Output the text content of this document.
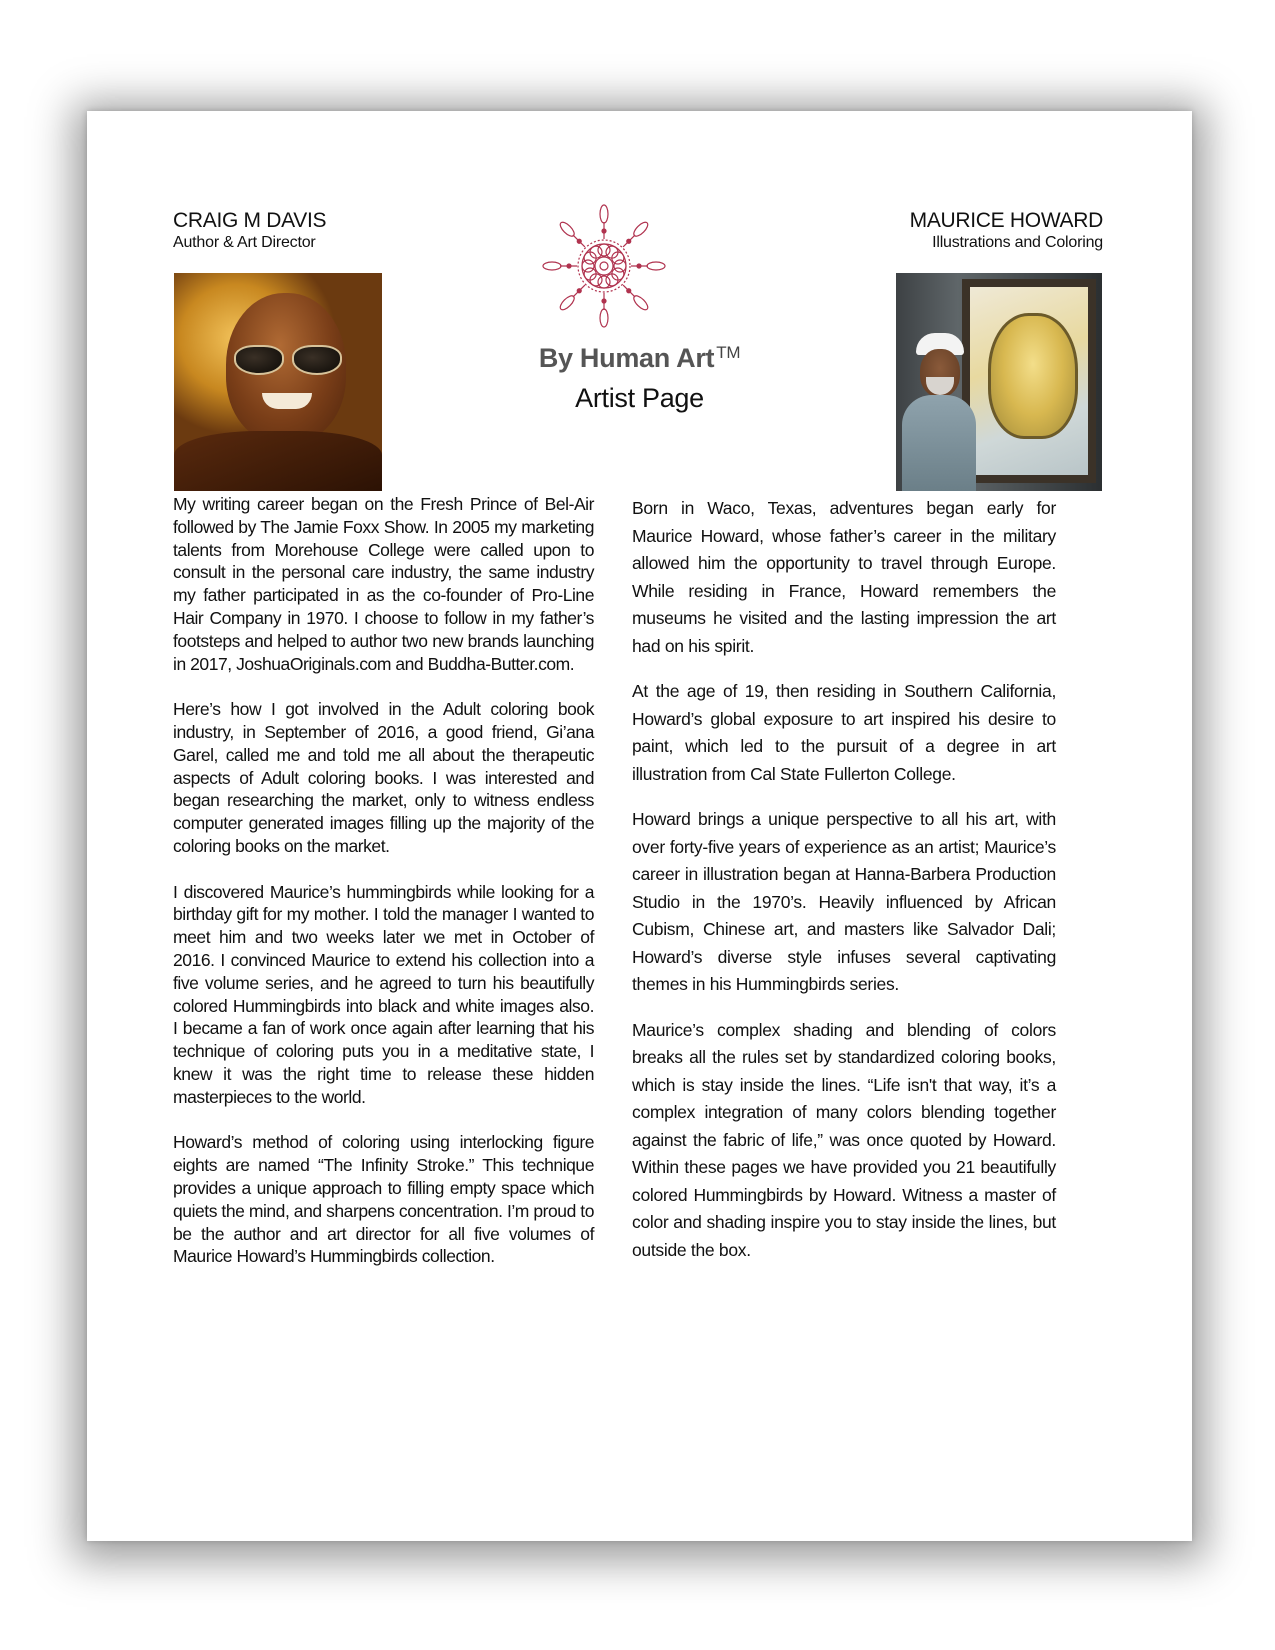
CRAIG M DAVIS
Author & Art Director
MAURICE HOWARD
Illustrations and Coloring
By Human Art ™
Artist Page

My writing career began on the Fresh Prince of Bel-Air followed by The Jamie Foxx Show. In 2005 my marketing talents from Morehouse College were called upon to consult in the personal care industry, the same industry my father participated in as the co-founder of Pro-Line Hair Company in 1970. I choose to follow in my father’s footsteps and helped to author two new brands launching in 2017, JoshuaOriginals.com and Buddha-Butter.com.

Here’s how I got involved in the Adult coloring book industry, in September of 2016, a good friend, Gi’ana Garel, called me and told me all about the therapeutic aspects of Adult coloring books. I was interested and began researching the market, only to witness endless computer generated images filling up the majority of the coloring books on the market.

I discovered Maurice’s hummingbirds while looking for a birthday gift for my mother. I told the manager I wanted to meet him and two weeks later we met in October of 2016. I convinced Maurice to extend his collection into a five volume series, and he agreed to turn his beautifully colored Hummingbirds into black and white images also. I became a fan of work once again after learning that his technique of coloring puts you in a meditative state, I knew it was the right time to release these hidden masterpieces to the world.

Howard’s method of coloring using interlocking figure eights are named “The Infinity Stroke.” This technique provides a unique approach to filling empty space which quiets the mind, and sharpens concentration. I’m proud to be the author and art director for all five volumes of Maurice Howard’s Hummingbirds collection.

Born in Waco, Texas, adventures began early for Maurice Howard, whose father’s career in the military allowed him the opportunity to travel through Europe. While residing in France, Howard remembers the museums he visited and the lasting impression the art had on his spirit.

At the age of 19, then residing in Southern California, Howard’s global exposure to art inspired his desire to paint, which led to the pursuit of a degree in art illustration from Cal State Fullerton College.

Howard brings a unique perspective to all his art, with over forty-five years of experience as an artist; Maurice’s career in illustration began at Hanna-Barbera Production Studio in the 1970’s. Heavily influenced by African Cubism, Chinese art, and masters like Salvador Dali; Howard’s diverse style infuses several captivating themes in his Hummingbirds series.

Maurice’s complex shading and blending of colors breaks all the rules set by standardized coloring books, which is stay inside the lines. “Life isn't that way, it’s a complex integration of many colors blending together against the fabric of life,” was once quoted by Howard. Within these pages we have provided you 21 beautifully colored Hummingbirds by Howard. Witness a master of color and shading inspire you to stay inside the lines, but outside the box.
